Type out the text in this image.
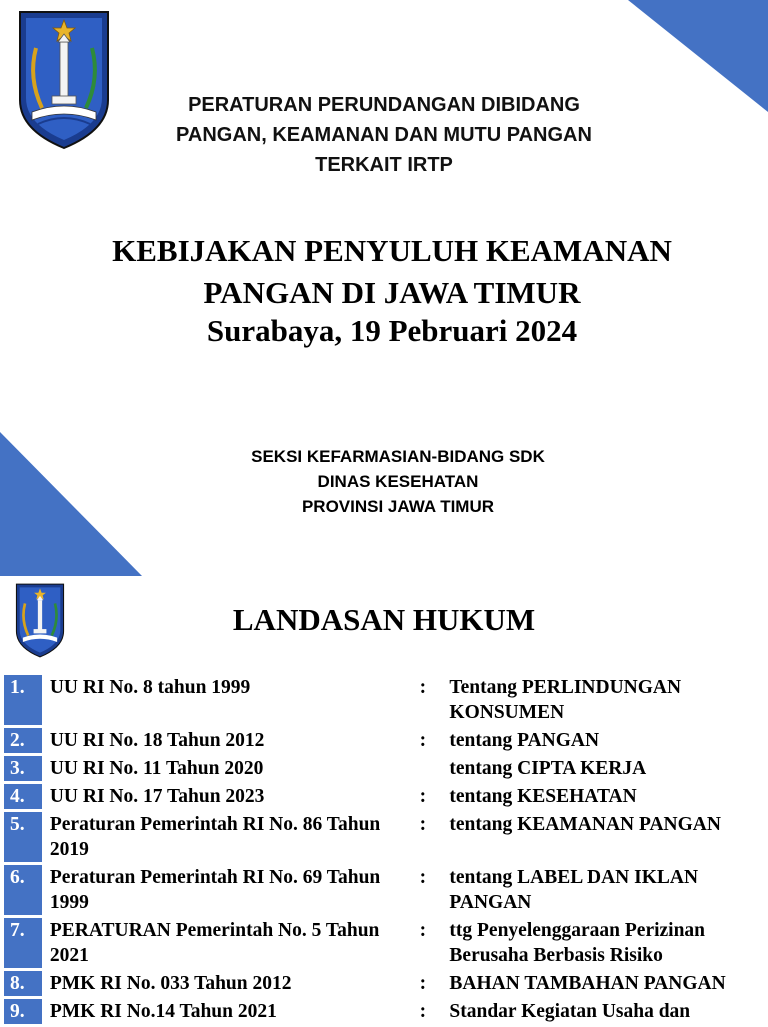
PERATURAN PERUNDANGAN DIBIDANG
PANGAN, KEAMANAN DAN MUTU PANGAN
TERKAIT IRTP
KEBIJAKAN PENYULUH KEAMANAN
PANGAN DI JAWA TIMUR
Surabaya, 19 Pebruari 2024
SEKSI KEFARMASIAN-BIDANG SDK
DINAS KESEHATAN
PROVINSI JAWA TIMUR
LANDASAN HUKUM
1.	UU RI No. 8 tahun 1999	:	Tentang PERLINDUNGAN KONSUMEN
2.	UU RI No. 18 Tahun 2012	:	tentang PANGAN
3.	UU RI No. 11 Tahun 2020		tentang CIPTA KERJA
4.	UU RI No. 17 Tahun 2023	:	tentang KESEHATAN
5.	Peraturan Pemerintah RI No. 86 Tahun 2019	:	tentang KEAMANAN PANGAN
6.	Peraturan Pemerintah RI No. 69 Tahun 1999	:	tentang LABEL DAN IKLAN PANGAN
7.	PERATURAN Pemerintah No. 5 Tahun 2021	:	ttg Penyelenggaraan Perizinan Berusaha Berbasis Risiko
8.	PMK RI No. 033 Tahun 2012	:	BAHAN TAMBAHAN PANGAN
9.	PMK RI No.14 Tahun 2021	:	Standar Kegiatan Usaha dan
